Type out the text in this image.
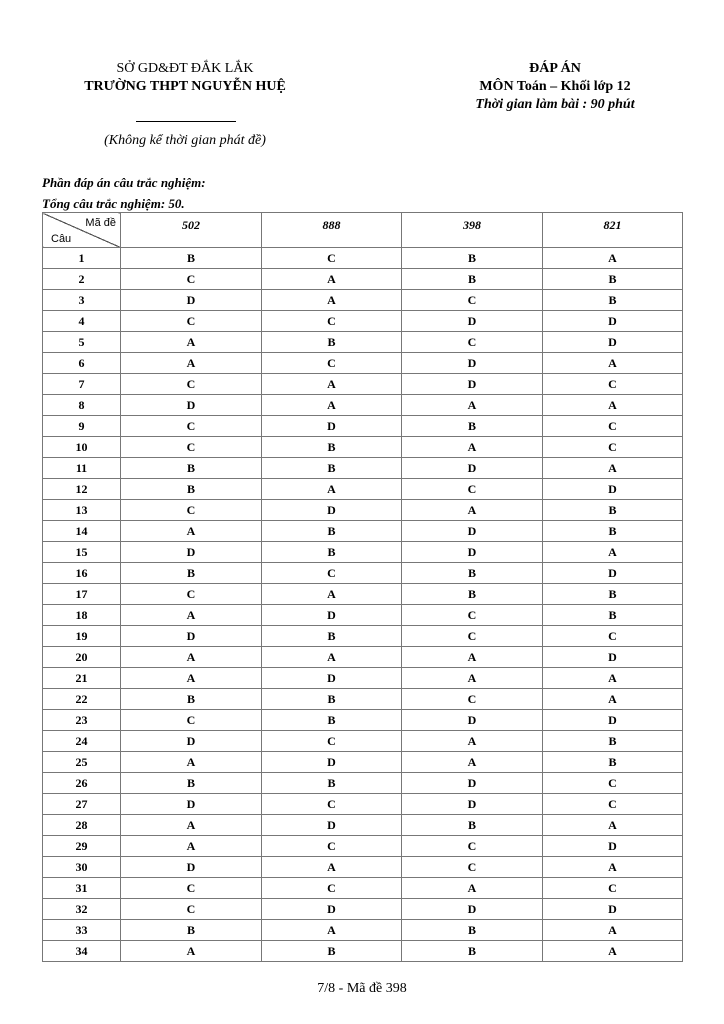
SỞ GD&ĐT ĐẮK LẮK
TRƯỜNG THPT NGUYỄN HUỆ
(Không kể thời gian phát đề)
ĐÁP ÁN
MÔN Toán – Khối lớp 12
Thời gian làm bài : 90 phút
Phần đáp án câu trắc nghiệm:
Tổng câu trắc nghiệm: 50.
Mã đề
Câu	502	888	398	821
1	B	C	B	A
2	C	A	B	B
3	D	A	C	B
4	C	C	D	D
5	A	B	C	D
6	A	C	D	A
7	C	A	D	C
8	D	A	A	A
9	C	D	B	C
10	C	B	A	C
11	B	B	D	A
12	B	A	C	D
13	C	D	A	B
14	A	B	D	B
15	D	B	D	A
16	B	C	B	D
17	C	A	B	B
18	A	D	C	B
19	D	B	C	C
20	A	A	A	D
21	A	D	A	A
22	B	B	C	A
23	C	B	D	D
24	D	C	A	B
25	A	D	A	B
26	B	B	D	C
27	D	C	D	C
28	A	D	B	A
29	A	C	C	D
30	D	A	C	A
31	C	C	A	C
32	C	D	D	D
33	B	A	B	A
34	A	B	B	A
7/8 - Mã đề 398
